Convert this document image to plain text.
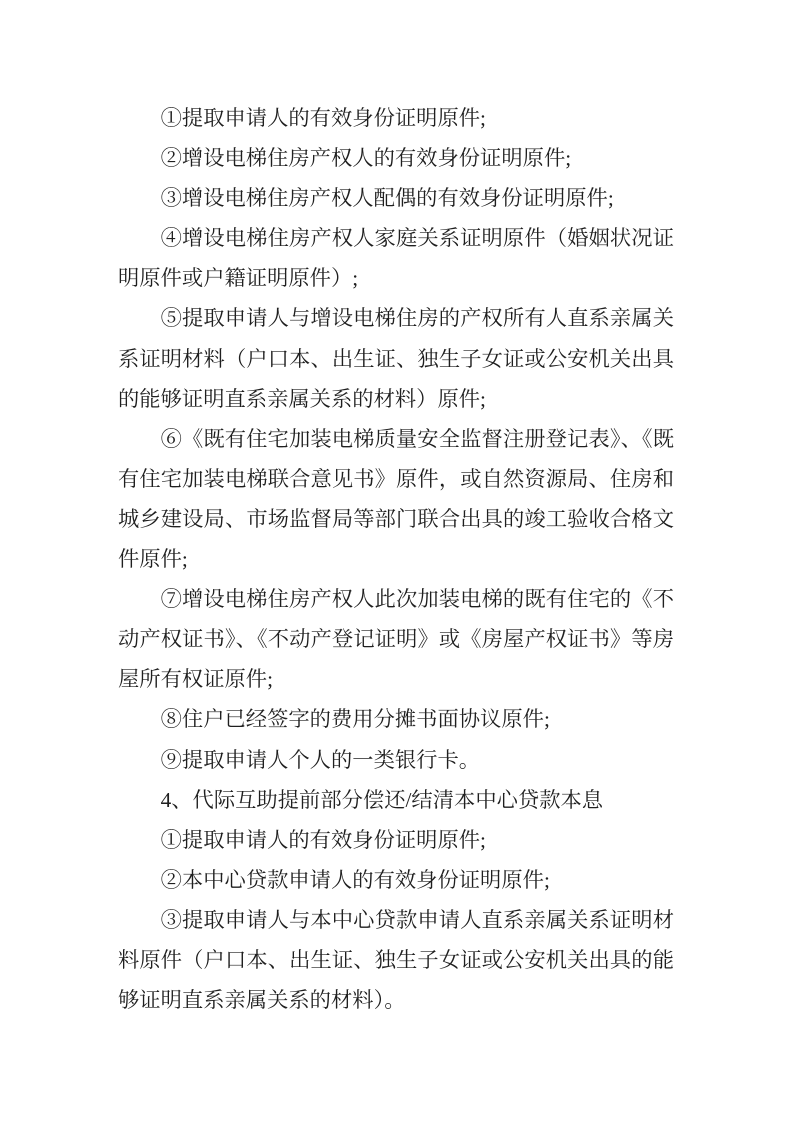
①提取申请人的有效身份证明原件;

②增设电梯住房产权人的有效身份证明原件;

③增设电梯住房产权人配偶的有效身份证明原件;

④增设电梯住房产权人家庭关系证明原件（婚姻状况证明原件或户籍证明原件）;

⑤提取申请人与增设电梯住房的产权所有人直系亲属关系证明材料（户口本、出生证、独生子女证或公安机关出具的能够证明直系亲属关系的材料）原件;

⑥《既有住宅加装电梯质量安全监督注册登记表》、《既有住宅加装电梯联合意见书》原件，或自然资源局、住房和城乡建设局、市场监督局等部门联合出具的竣工验收合格文件原件;

⑦增设电梯住房产权人此次加装电梯的既有住宅的《不动产权证书》、《不动产登记证明》或《房屋产权证书》等房屋所有权证原件;

⑧住户已经签字的费用分摊书面协议原件;

⑨提取申请人个人的一类银行卡。

4、代际互助提前部分偿还/结清本中心贷款本息

①提取申请人的有效身份证明原件;

②本中心贷款申请人的有效身份证明原件;

③提取申请人与本中心贷款申请人直系亲属关系证明材料原件（户口本、出生证、独生子女证或公安机关出具的能够证明直系亲属关系的材料）。
